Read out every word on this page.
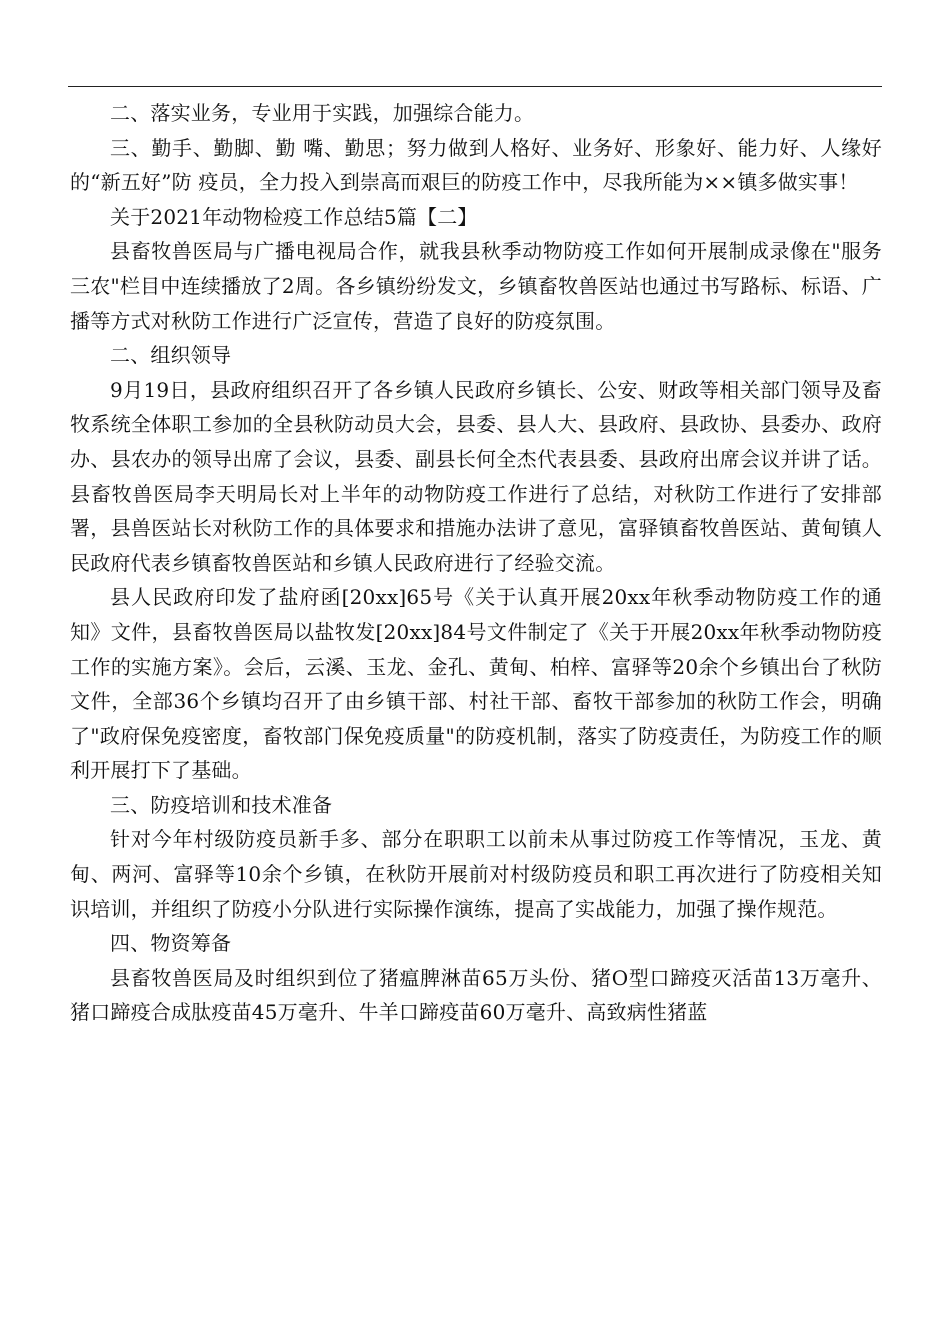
二、落实业务，专业用于实践，加强综合能力。

三、勤手、勤脚、勤 嘴、勤思；努力做到人格好、业务好、形象好、能力好、人缘好的“新五好”防 疫员，全力投入到崇高而艰巨的防疫工作中，尽我所能为××镇多做实事！

关于2021年动物检疫工作总结5篇【二】

县畜牧兽医局与广播电视局合作，就我县秋季动物防疫工作如何开展制成录像在"服务三农"栏目中连续播放了2周。各乡镇纷纷发文，乡镇畜牧兽医站也通过书写路标、标语、广播等方式对秋防工作进行广泛宣传，营造了良好的防疫氛围。

二、组织领导

9月19日，县政府组织召开了各乡镇人民政府乡镇长、公安、财政等相关部门领导及畜牧系统全体职工参加的全县秋防动员大会，县委、县人大、县政府、县政协、县委办、政府办、县农办的领导出席了会议，县委、副县长何全杰代表县委、县政府出席会议并讲了话。县畜牧兽医局李天明局长对上半年的动物防疫工作进行了总结，对秋防工作进行了安排部署，县兽医站长对秋防工作的具体要求和措施办法讲了意见，富驿镇畜牧兽医站、黄甸镇人民政府代表乡镇畜牧兽医站和乡镇人民政府进行了经验交流。

县人民政府印发了盐府函[20xx]65号《关于认真开展20xx年秋季动物防疫工作的通知》文件，县畜牧兽医局以盐牧发[20xx]84号文件制定了《关于开展20xx年秋季动物防疫工作的实施方案》。会后，云溪、玉龙、金孔、黄甸、柏梓、富驿等20余个乡镇出台了秋防文件，全部36个乡镇均召开了由乡镇干部、村社干部、畜牧干部参加的秋防工作会，明确了"政府保免疫密度，畜牧部门保免疫质量"的防疫机制，落实了防疫责任，为防疫工作的顺利开展打下了基础。

三、防疫培训和技术准备

针对今年村级防疫员新手多、部分在职职工以前未从事过防疫工作等情况，玉龙、黄甸、两河、富驿等10余个乡镇，在秋防开展前对村级防疫员和职工再次进行了防疫相关知识培训，并组织了防疫小分队进行实际操作演练，提高了实战能力，加强了操作规范。

四、物资筹备

县畜牧兽医局及时组织到位了猪瘟脾淋苗65万头份、猪O型口蹄疫灭活苗13万毫升、猪口蹄疫合成肽疫苗45万毫升、牛羊口蹄疫苗60万毫升、高致病性猪蓝
